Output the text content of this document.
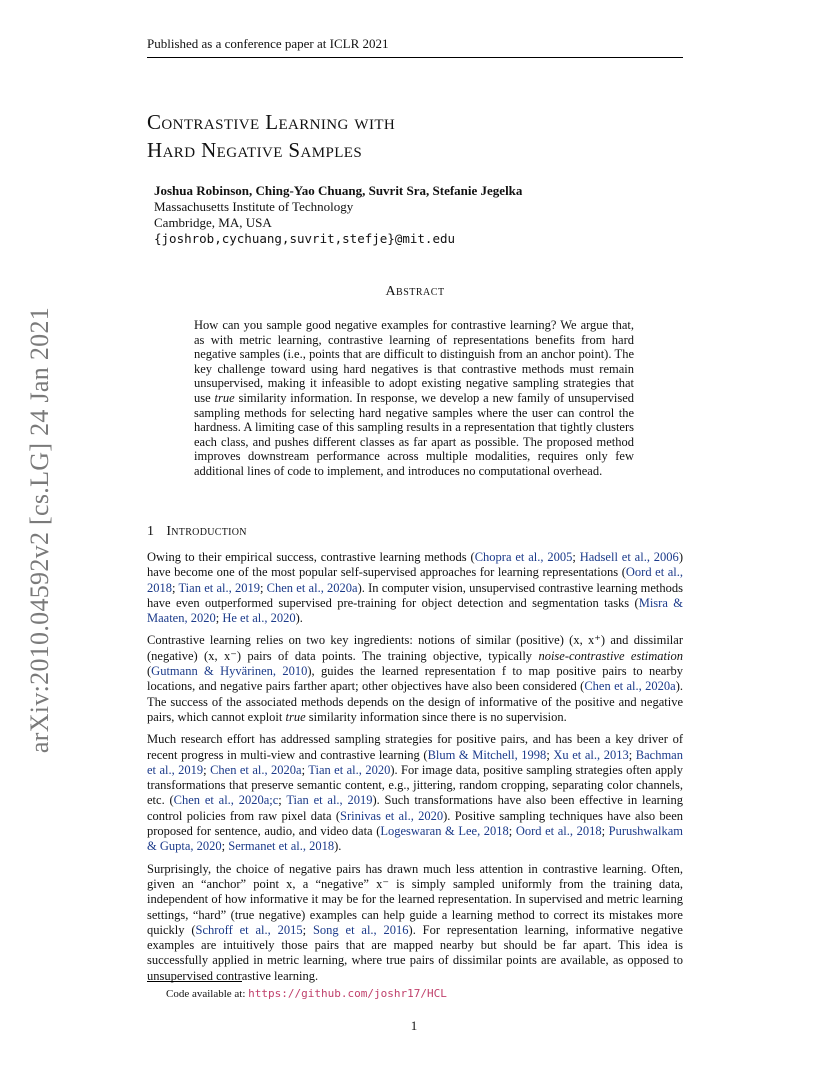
Published as a conference paper at ICLR 2021
arXiv:2010.04592v2 [cs.LG] 24 Jan 2021
Contrastive Learning with
Hard Negative Samples
Joshua Robinson, Ching-Yao Chuang, Suvrit Sra, Stefanie Jegelka
Massachusetts Institute of Technology
Cambridge, MA, USA
{joshrob,cychuang,suvrit,stefje}@mit.edu
Abstract
How can you sample good negative examples for contrastive learning? We argue that, as with metric learning, contrastive learning of representations benefits from hard negative samples (i.e., points that are difficult to distinguish from an anchor point). The key challenge toward using hard negatives is that contrastive methods must remain unsupervised, making it infeasible to adopt existing negative sampling strategies that use true similarity information. In response, we develop a new family of unsupervised sampling methods for selecting hard negative samples where the user can control the hardness. A limiting case of this sampling results in a representation that tightly clusters each class, and pushes different classes as far apart as possible. The proposed method improves downstream performance across multiple modalities, requires only few additional lines of code to implement, and introduces no computational overhead.
1 Introduction

Owing to their empirical success, contrastive learning methods (Chopra et al., 2005; Hadsell et al., 2006) have become one of the most popular self-supervised approaches for learning representations (Oord et al., 2018; Tian et al., 2019; Chen et al., 2020a). In computer vision, unsupervised contrastive learning methods have even outperformed supervised pre-training for object detection and segmentation tasks (Misra & Maaten, 2020; He et al., 2020).

Contrastive learning relies on two key ingredients: notions of similar (positive) (x, x⁺) and dissimilar (negative) (x, x⁻) pairs of data points. The training objective, typically noise-contrastive estimation (Gutmann & Hyvärinen, 2010), guides the learned representation f to map positive pairs to nearby locations, and negative pairs farther apart; other objectives have also been considered (Chen et al., 2020a). The success of the associated methods depends on the design of informative of the positive and negative pairs, which cannot exploit true similarity information since there is no supervision.

Much research effort has addressed sampling strategies for positive pairs, and has been a key driver of recent progress in multi-view and contrastive learning (Blum & Mitchell, 1998; Xu et al., 2013; Bachman et al., 2019; Chen et al., 2020a; Tian et al., 2020). For image data, positive sampling strategies often apply transformations that preserve semantic content, e.g., jittering, random cropping, separating color channels, etc. (Chen et al., 2020a;c; Tian et al., 2019). Such transformations have also been effective in learning control policies from raw pixel data (Srinivas et al., 2020). Positive sampling techniques have also been proposed for sentence, audio, and video data (Logeswaran & Lee, 2018; Oord et al., 2018; Purushwalkam & Gupta, 2020; Sermanet et al., 2018).

Surprisingly, the choice of negative pairs has drawn much less attention in contrastive learning. Often, given an “anchor” point x, a “negative” x⁻ is simply sampled uniformly from the training data, independent of how informative it may be for the learned representation. In supervised and metric learning settings, “hard” (true negative) examples can help guide a learning method to correct its mistakes more quickly (Schroff et al., 2015; Song et al., 2016). For representation learning, informative negative examples are intuitively those pairs that are mapped nearby but should be far apart. This idea is successfully applied in metric learning, where true pairs of dissimilar points are available, as opposed to unsupervised contrastive learning.

Code available at: https://github.com/joshr17/HCL
1
